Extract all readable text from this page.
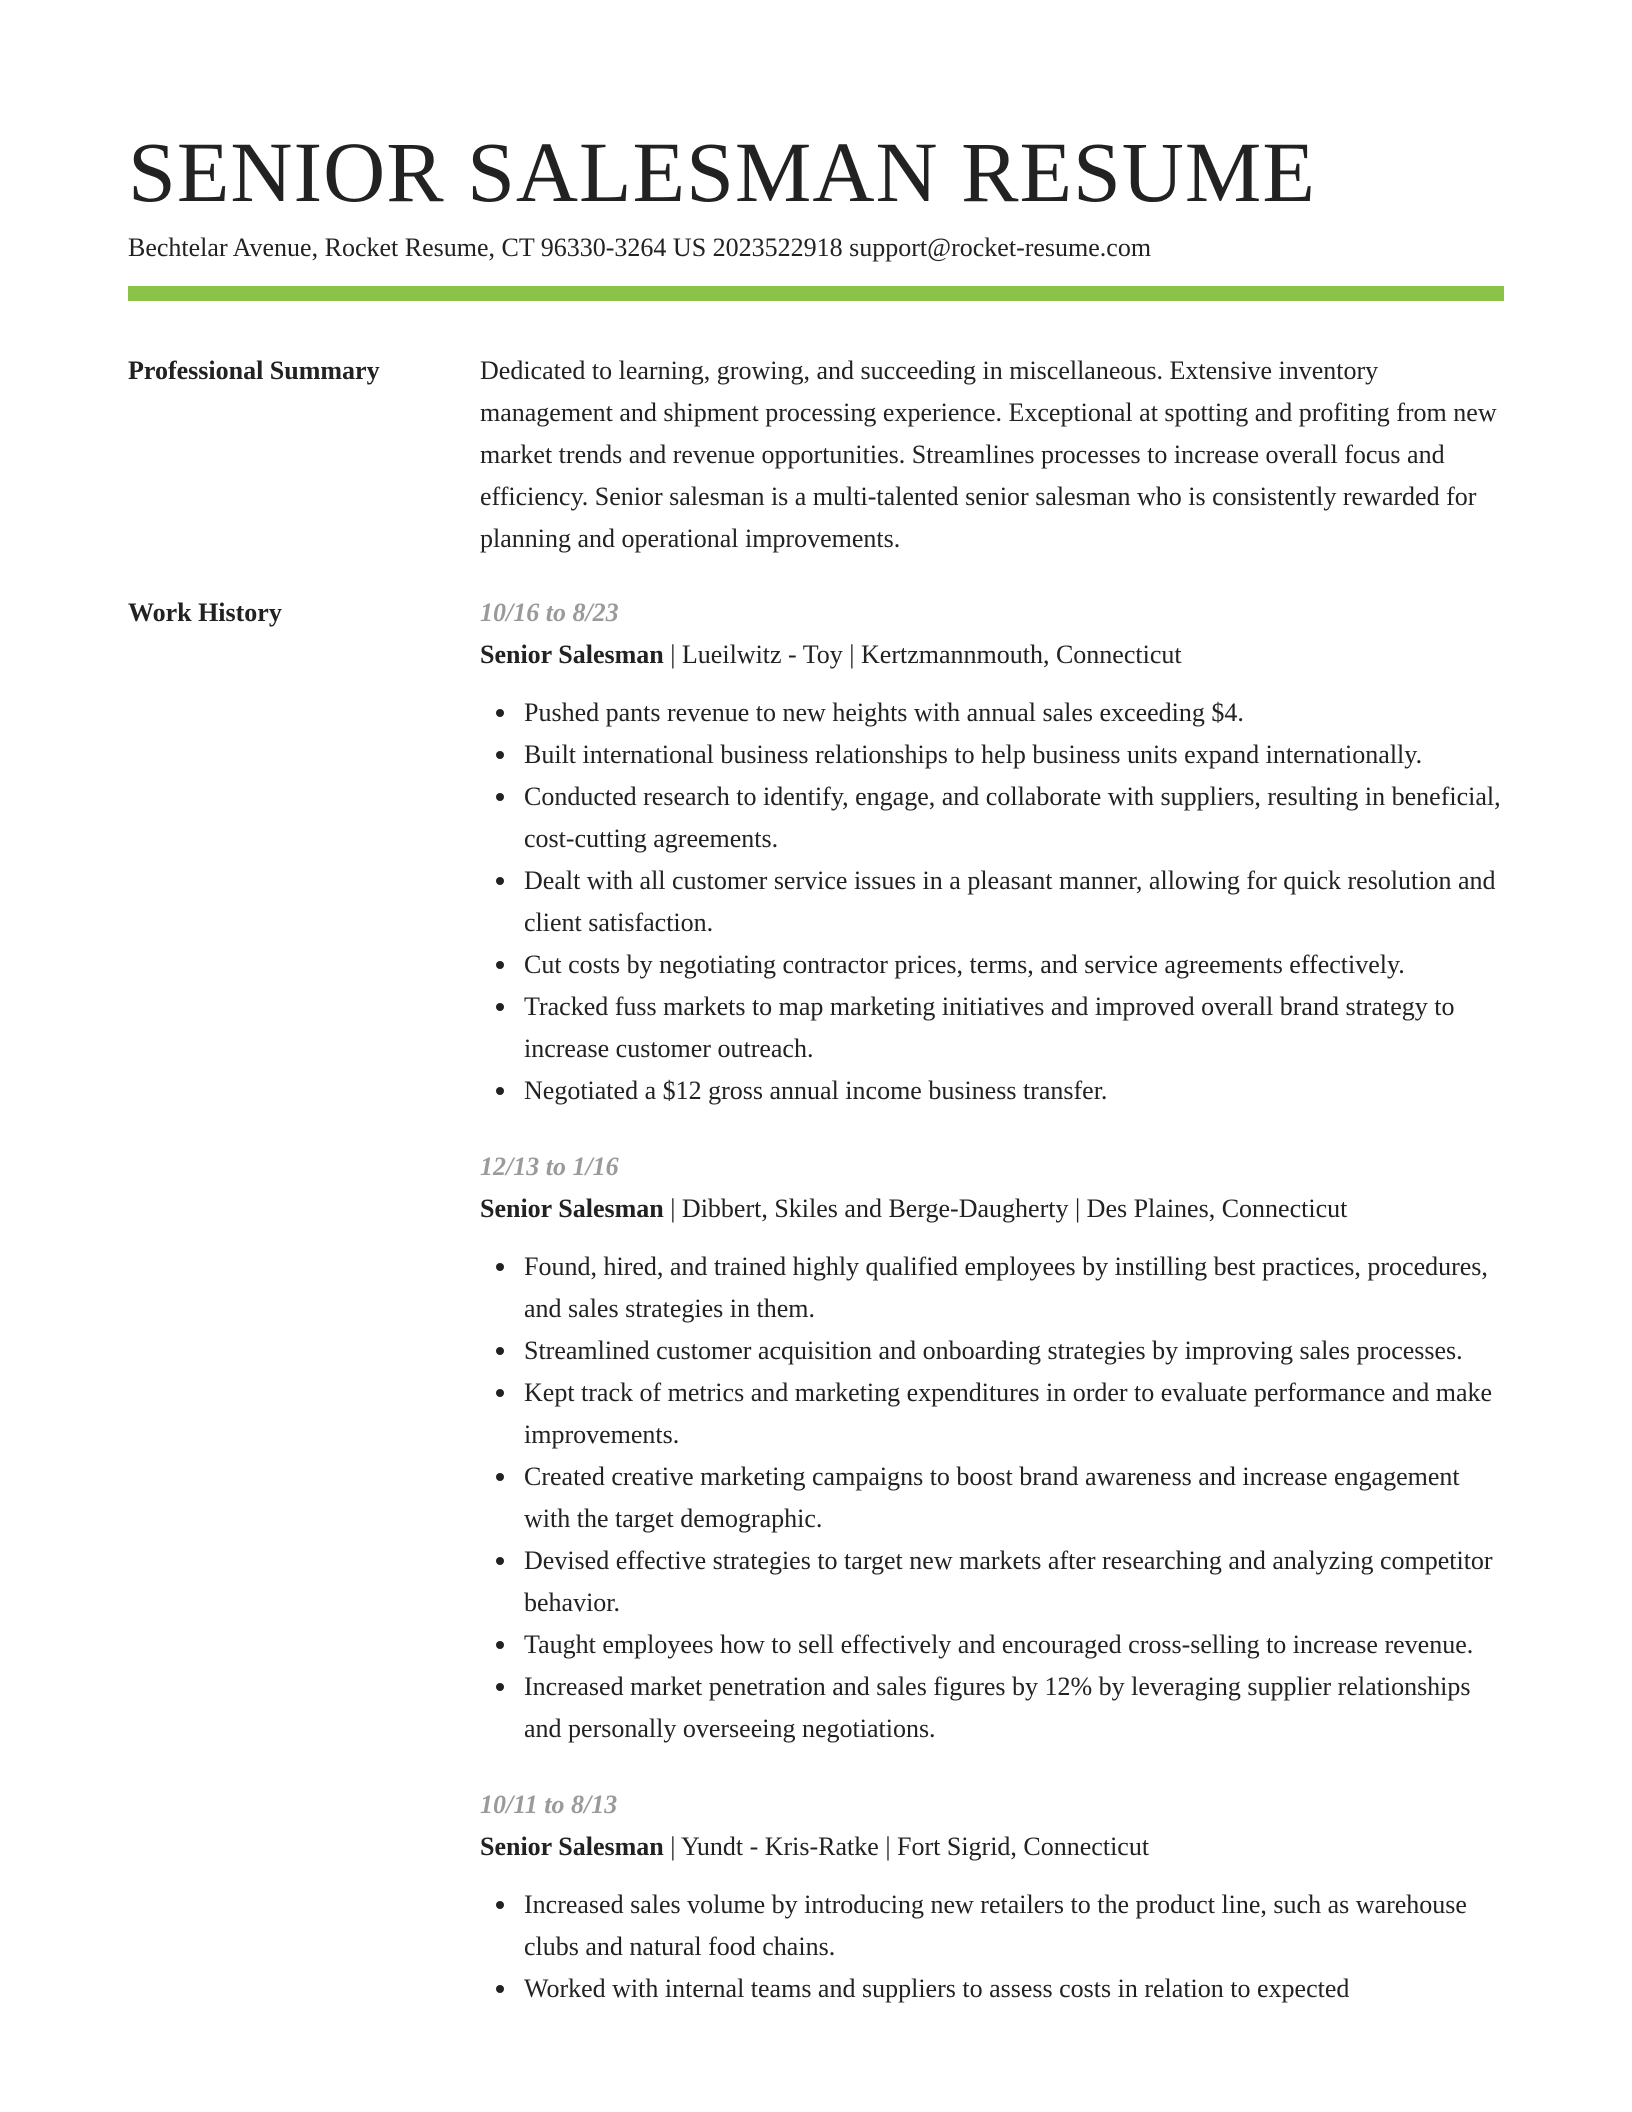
SENIOR SALESMAN RESUME
Bechtelar Avenue, Rocket Resume, CT 96330-3264 US 2023522918 support@rocket-resume.com
Professional Summary	Dedicated to learning, growing, and succeeding in miscellaneous. Extensive inventory management and shipment processing experience. Exceptional at spotting and profiting from new market trends and revenue opportunities. Streamlines processes to increase overall focus and efficiency. Senior salesman is a multi-talented senior salesman who is consistently rewarded for planning and operational improvements.

Work History	10/16 to 8/23
Senior Salesman | Lueilwitz - Toy | Kertzmannmouth, Connecticut
Pushed pants revenue to new heights with annual sales exceeding $4.
Built international business relationships to help business units expand internationally.
Conducted research to identify, engage, and collaborate with suppliers, resulting in beneficial, cost-cutting agreements.
Dealt with all customer service issues in a pleasant manner, allowing for quick resolution and client satisfaction.
Cut costs by negotiating contractor prices, terms, and service agreements effectively.
Tracked fuss markets to map marketing initiatives and improved overall brand strategy to increase customer outreach.
Negotiated a $12 gross annual income business transfer.
12/13 to 1/16
Senior Salesman | Dibbert, Skiles and Berge-Daugherty | Des Plaines, Connecticut
Found, hired, and trained highly qualified employees by instilling best practices, procedures, and sales strategies in them.
Streamlined customer acquisition and onboarding strategies by improving sales processes.
Kept track of metrics and marketing expenditures in order to evaluate performance and make improvements.
Created creative marketing campaigns to boost brand awareness and increase engagement with the target demographic.
Devised effective strategies to target new markets after researching and analyzing competitor behavior.
Taught employees how to sell effectively and encouraged cross-selling to increase revenue.
Increased market penetration and sales figures by 12% by leveraging supplier relationships and personally overseeing negotiations.
10/11 to 8/13
Senior Salesman | Yundt - Kris-Ratke | Fort Sigrid, Connecticut
Increased sales volume by introducing new retailers to the product line, such as warehouse clubs and natural food chains.
Worked with internal teams and suppliers to assess costs in relation to expected
